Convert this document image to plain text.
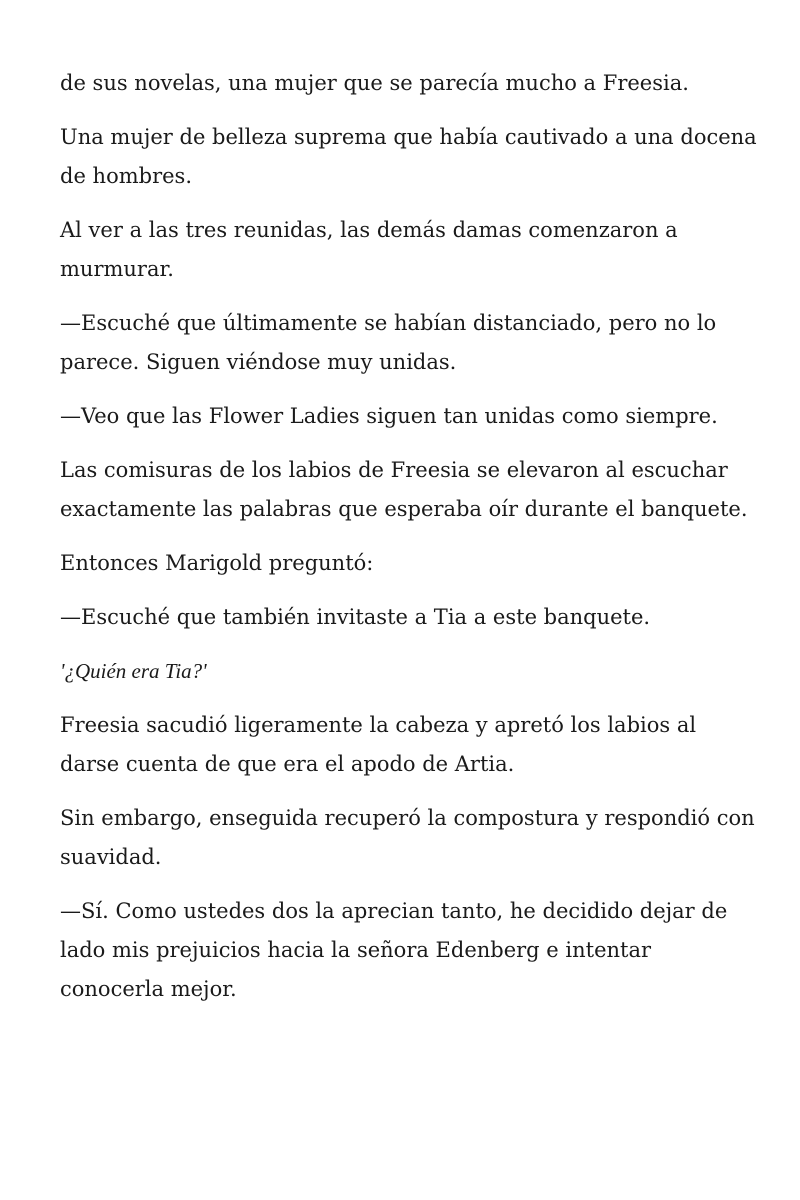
de sus novelas, una mujer que se parecía mucho a Freesia.

Una mujer de belleza suprema que había cautivado a una docena de hombres.

Al ver a las tres reunidas, las demás damas comenzaron a murmurar.

—Escuché que últimamente se habían distanciado, pero no lo parece. Siguen viéndose muy unidas.

—Veo que las Flower Ladies siguen tan unidas como siempre.

Las comisuras de los labios de Freesia se elevaron al escuchar exactamente las palabras que esperaba oír durante el banquete.

Entonces Marigold preguntó:

—Escuché que también invitaste a Tia a este banquete.

'¿Quién era Tia?'

Freesia sacudió ligeramente la cabeza y apretó los labios al darse cuenta de que era el apodo de Artia.

Sin embargo, enseguida recuperó la compostura y respondió con suavidad.

—Sí. Como ustedes dos la aprecian tanto, he decidido dejar de lado mis prejuicios hacia la señora Edenberg e intentar conocerla mejor.
